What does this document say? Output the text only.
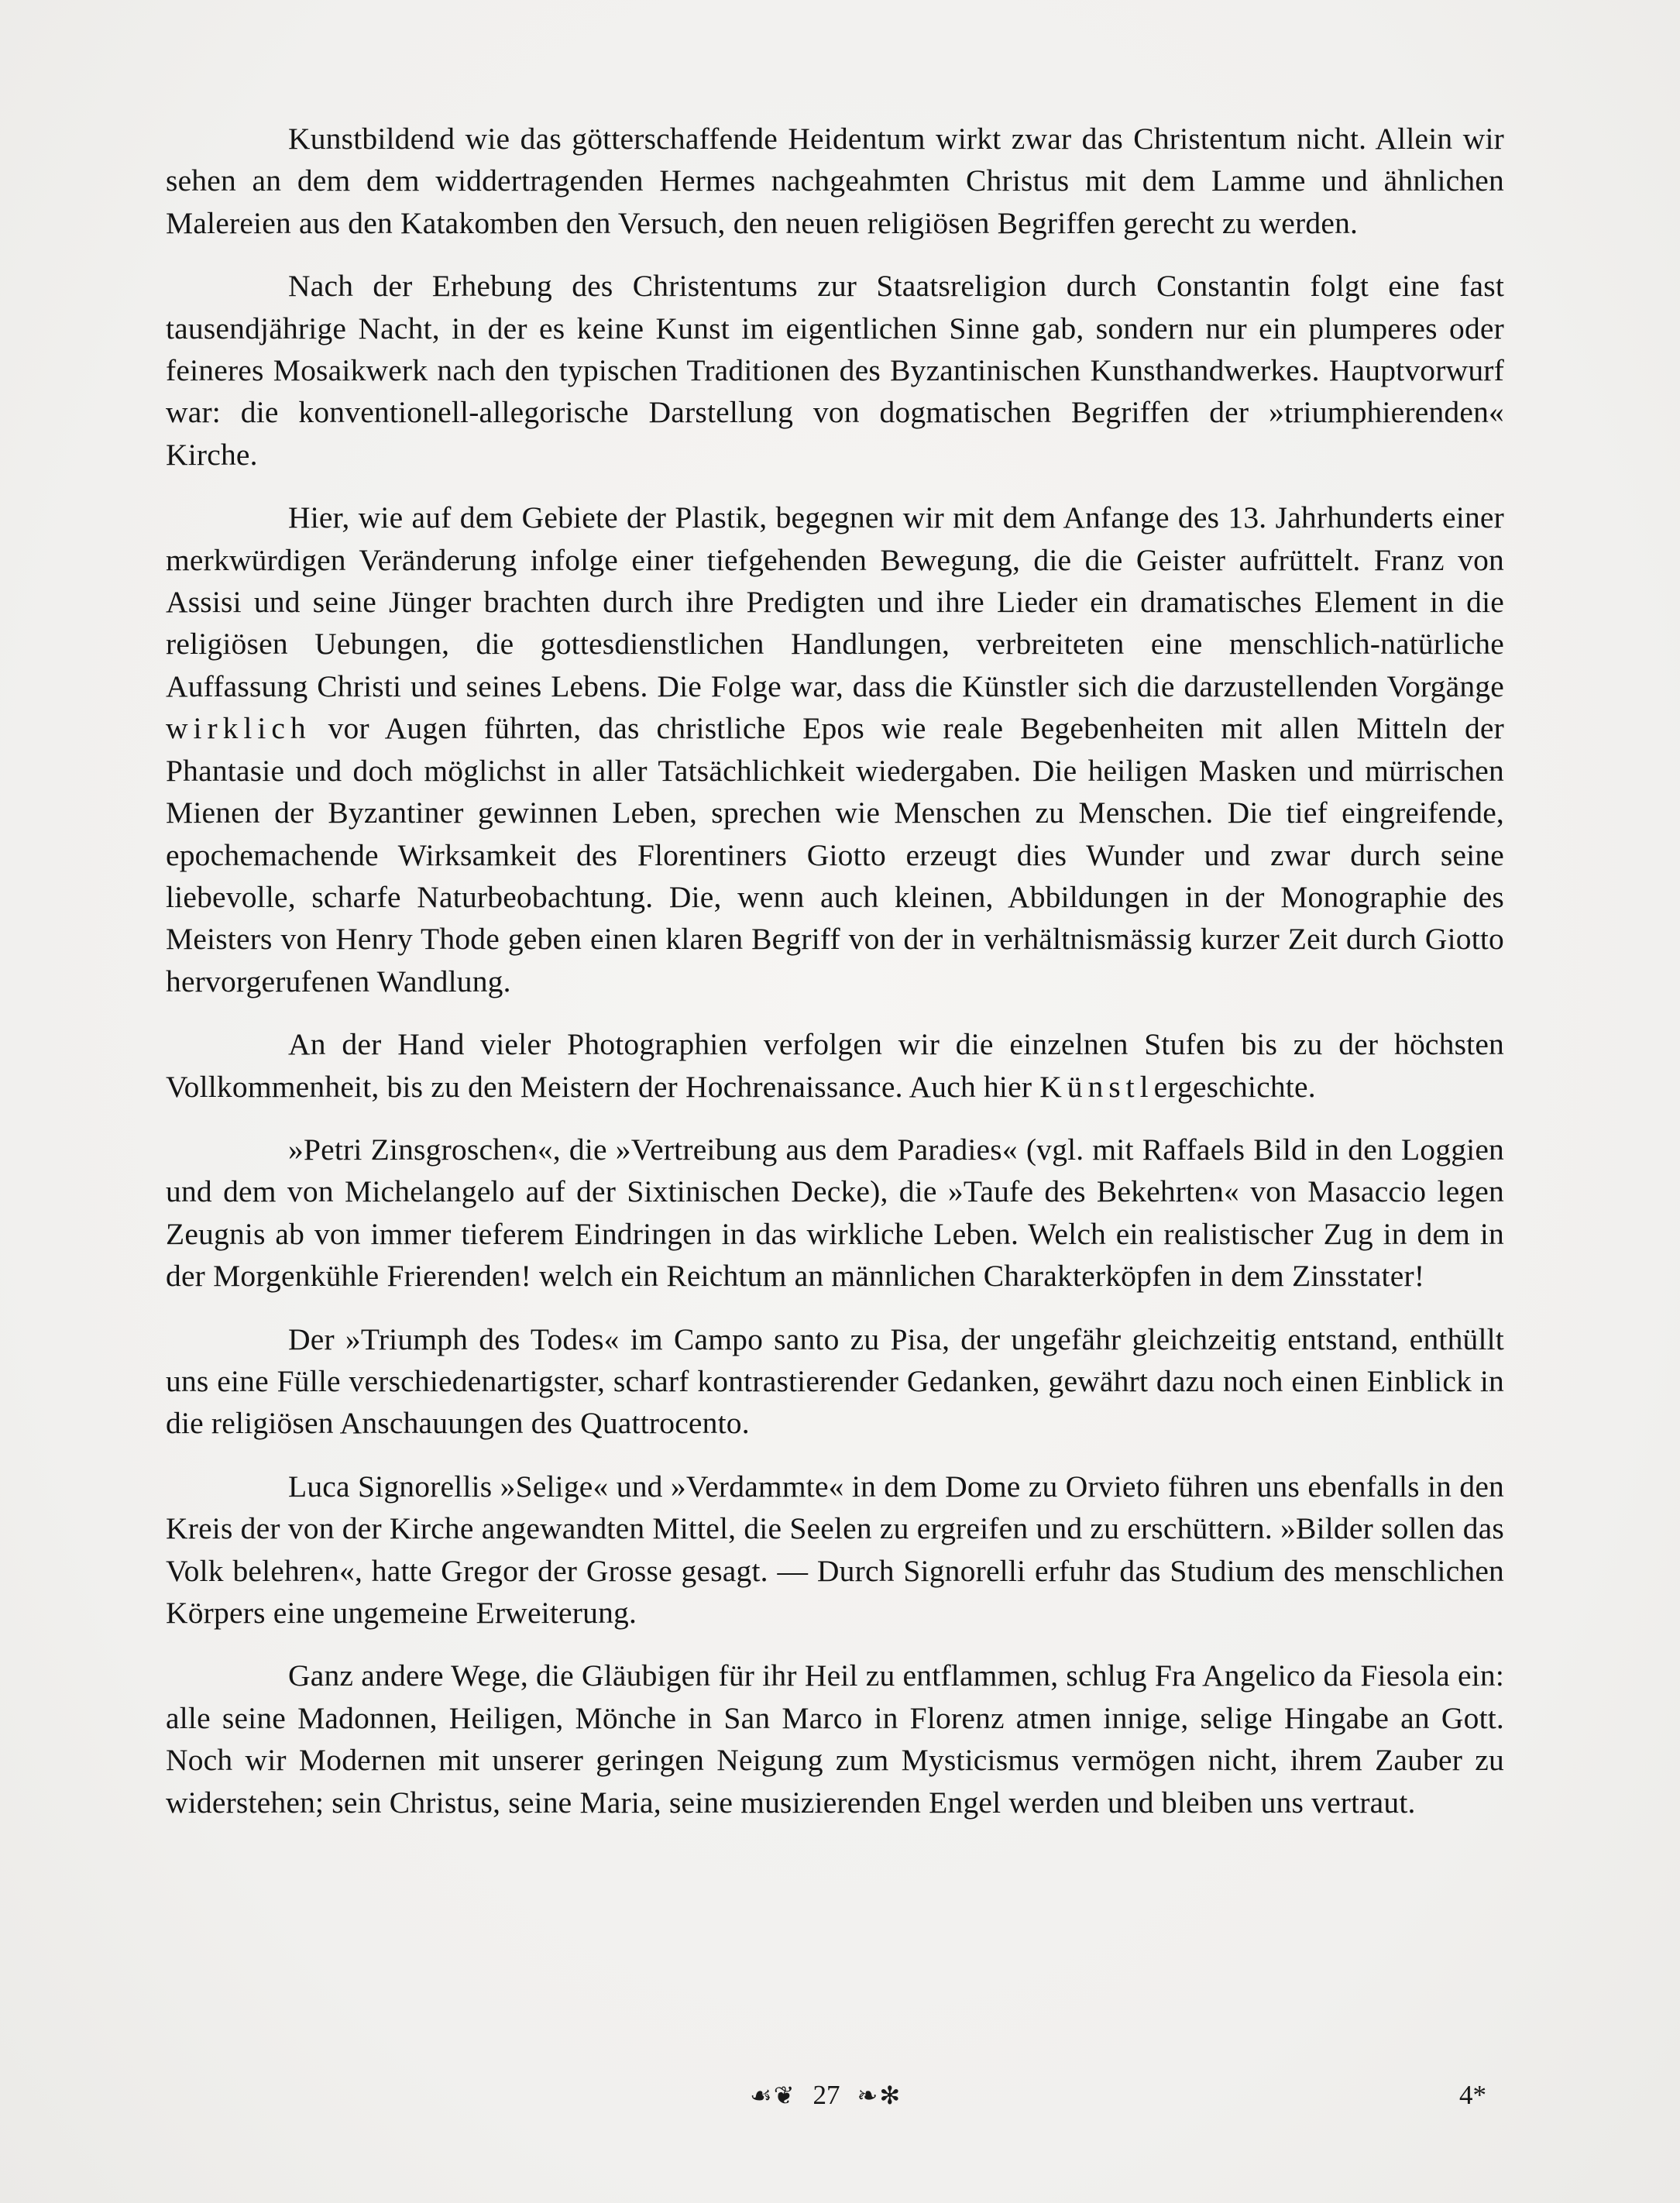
Kunstbildend wie das götterschaffende Heidentum wirkt zwar das Christentum nicht. Allein wir sehen an dem dem widdertragenden Hermes nachgeahmten Christus mit dem Lamme und ähnlichen Malereien aus den Katakomben den Versuch, den neuen religiösen Begriffen gerecht zu werden.

Nach der Erhebung des Christentums zur Staatsreligion durch Constantin folgt eine fast tausendjährige Nacht, in der es keine Kunst im eigentlichen Sinne gab, sondern nur ein plumperes oder feineres Mosaikwerk nach den typischen Traditionen des Byzantinischen Kunsthandwerkes. Hauptvorwurf war: die konventionell-allegorische Darstellung von dogmatischen Begriffen der »triumphierenden« Kirche.

Hier, wie auf dem Gebiete der Plastik, begegnen wir mit dem Anfange des 13. Jahrhunderts einer merkwürdigen Veränderung infolge einer tiefgehenden Bewegung, die die Geister aufrüttelt. Franz von Assisi und seine Jünger brachten durch ihre Predigten und ihre Lieder ein dramatisches Element in die religiösen Uebungen, die gottesdienstlichen Handlungen, verbreiteten eine menschlich-natürliche Auffassung Christi und seines Lebens. Die Folge war, dass die Künstler sich die darzustellenden Vorgänge wirklich vor Augen führten, das christliche Epos wie reale Begebenheiten mit allen Mitteln der Phantasie und doch möglichst in aller Tatsächlichkeit wiedergaben. Die heiligen Masken und mürrischen Mienen der Byzantiner gewinnen Leben, sprechen wie Menschen zu Menschen. Die tief eingreifende, epochemachende Wirksamkeit des Florentiners Giotto erzeugt dies Wunder und zwar durch seine liebevolle, scharfe Naturbeobachtung. Die, wenn auch kleinen, Abbildungen in der Monographie des Meisters von Henry Thode geben einen klaren Begriff von der in verhältnismässig kurzer Zeit durch Giotto hervorgerufenen Wandlung.

An der Hand vieler Photographien verfolgen wir die einzelnen Stufen bis zu der höchsten Vollkommenheit, bis zu den Meistern der Hochrenaissance. Auch hier Künstlergeschichte.

»Petri Zinsgroschen«, die »Vertreibung aus dem Paradies« (vgl. mit Raffaels Bild in den Loggien und dem von Michelangelo auf der Sixtinischen Decke), die »Taufe des Bekehrten« von Masaccio legen Zeugnis ab von immer tieferem Eindringen in das wirkliche Leben. Welch ein realistischer Zug in dem in der Morgenkühle Frierenden! welch ein Reichtum an männlichen Charakterköpfen in dem Zinsstater!

Der »Triumph des Todes« im Campo santo zu Pisa, der ungefähr gleichzeitig entstand, enthüllt uns eine Fülle verschiedenartigster, scharf kontrastierender Gedanken, gewährt dazu noch einen Einblick in die religiösen Anschauungen des Quattrocento.

Luca Signorellis »Selige« und »Verdammte« in dem Dome zu Orvieto führen uns ebenfalls in den Kreis der von der Kirche angewandten Mittel, die Seelen zu ergreifen und zu erschüttern. »Bilder sollen das Volk belehren«, hatte Gregor der Grosse gesagt. — Durch Signorelli erfuhr das Studium des menschlichen Körpers eine ungemeine Erweiterung.

Ganz andere Wege, die Gläubigen für ihr Heil zu entflammen, schlug Fra Angelico da Fiesola ein: alle seine Madonnen, Heiligen, Mönche in San Marco in Florenz atmen innige, selige Hingabe an Gott. Noch wir Modernen mit unserer geringen Neigung zum Mysticismus vermögen nicht, ihrem Zauber zu widerstehen; sein Christus, seine Maria, seine musizierenden Engel werden und bleiben uns vertraut.

☙❦ 27 ❧✻	4*
